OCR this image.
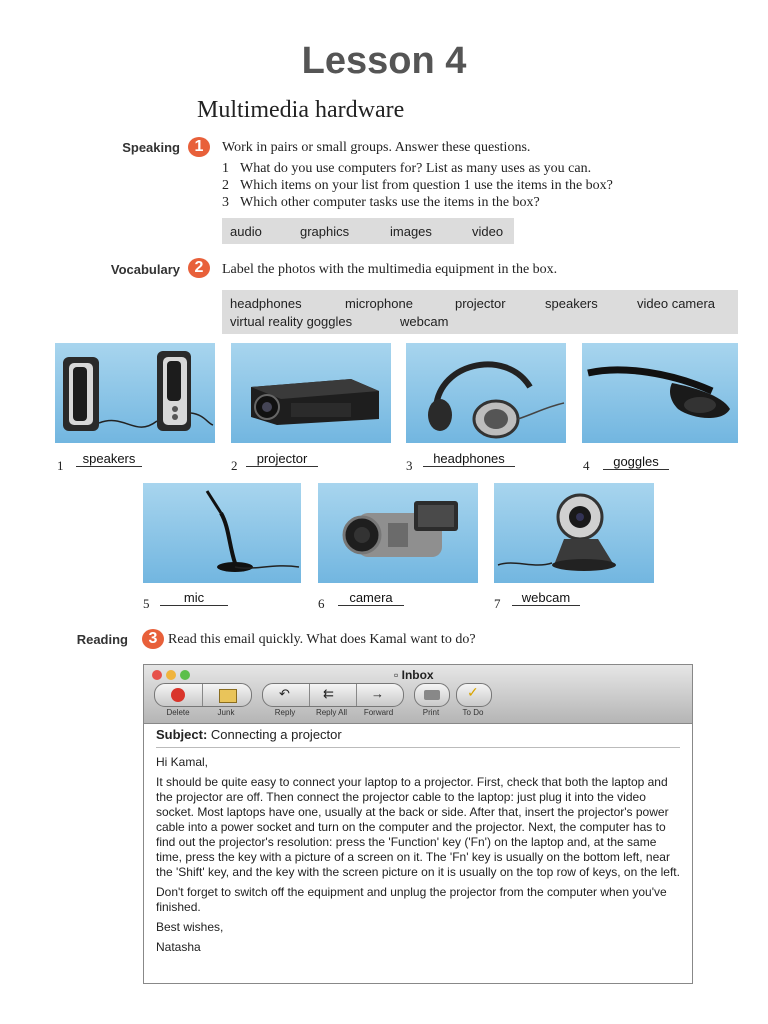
Lesson 4
Multimedia hardware
Speaking 1	Work in pairs or small groups. Answer these questions.
1 What do you use computers for? List as many uses as you can.
2 Which items on your list from question 1 use the items in the box?
3 Which other computer tasks use the items in the box?
audio	graphics	images	video
Vocabulary 2	Label the photos with the multimedia equipment in the box.
headphones	microphone	projector	speakers	video camera
virtual reality goggles	webcam
1	speakers	2	projector	3	headphones	4	goggles
5	mic	6	camera	7	webcam
Reading	3 Read this email quickly. What does Kamal want to do?
▫ Inbox
Delete	Junk
↶	⇇	→
Reply	Reply All	Forward	Print
✓
To Do
Subject: Connecting a projector
Hi Kamal,
It should be quite easy to connect your laptop to a projector. First, check that both the laptop and the projector are off. Then connect the projector cable to the laptop: just plug it into the video socket. Most laptops have one, usually at the back or side. After that, insert the projector's power cable into a power socket and turn on the computer and the projector. Next, the computer has to find out the projector's resolution: press the 'Function' key ('Fn') on the laptop and, at the same time, press the key with a picture of a screen on it. The 'Fn' key is usually on the bottom left, near the 'Shift' key, and the key with the screen picture on it is usually on the top row of keys, on the left.
Don't forget to switch off the equipment and unplug the projector from the computer when you've finished.
Best wishes,
Natasha
